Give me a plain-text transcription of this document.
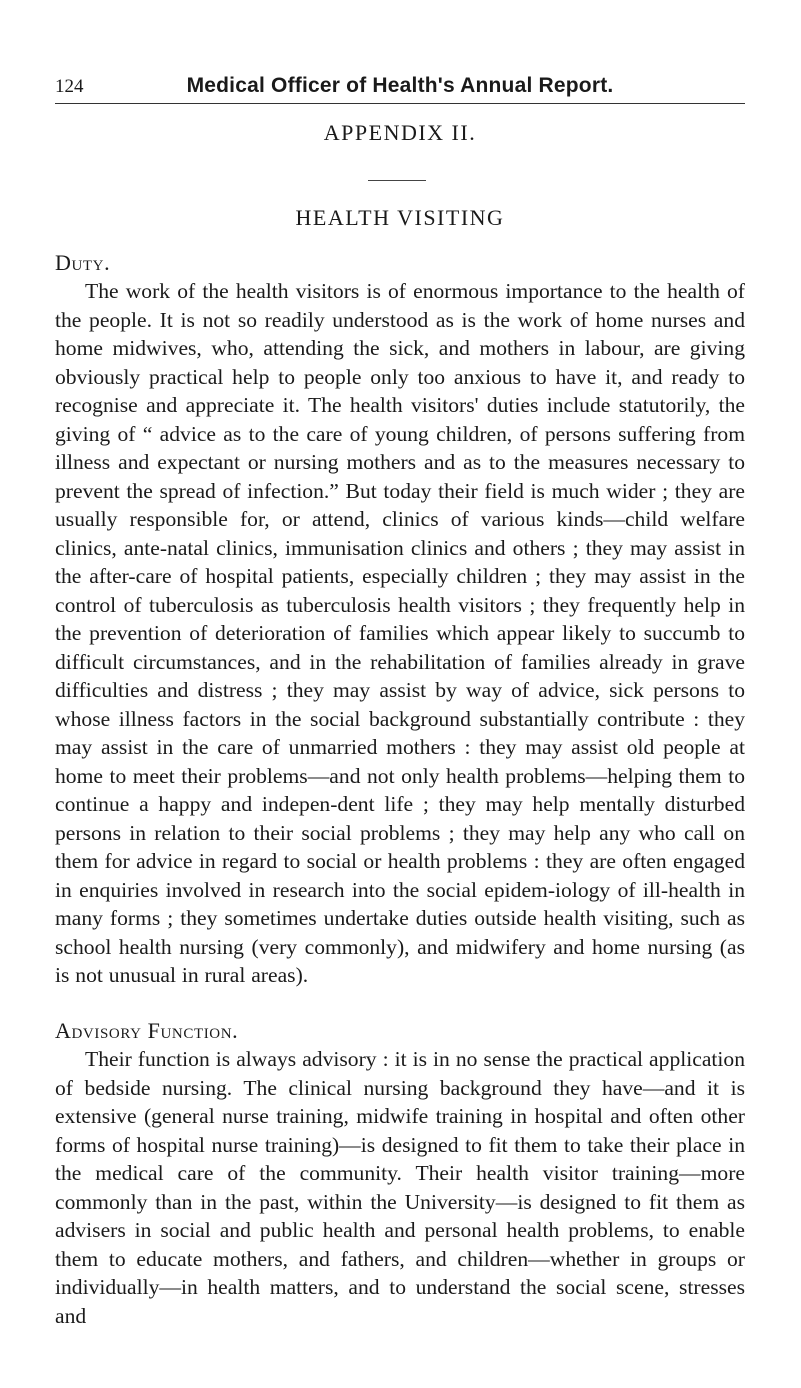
124	Medical Officer of Health's Annual Report.
APPENDIX II.
HEALTH VISITING
Duty.

The work of the health visitors is of enormous importance to the health of the people. It is not so readily understood as is the work of home nurses and home midwives, who, attending the sick, and mothers in labour, are giving obviously practical help to people only too anxious to have it, and ready to recognise and appreciate it. The health visitors' duties include statutorily, the giving of “ advice as to the care of young children, of persons suffering from illness and expectant or nursing mothers and as to the measures necessary to prevent the spread of infection.” But today their field is much wider ; they are usually responsible for, or attend, clinics of various kinds—child welfare clinics, ante-natal clinics, immunisation clinics and others ; they may assist in the after-care of hospital patients, especially children ; they may assist in the control of tuberculosis as tuberculosis health visitors ; they frequently help in the prevention of deterioration of families which appear likely to succumb to difficult circumstances, and in the rehabilitation of families already in grave difficulties and distress ; they may assist by way of advice, sick persons to whose illness factors in the social background substantially contribute : they may assist in the care of unmarried mothers : they may assist old people at home to meet their problems—and not only health problems—helping them to continue a happy and indepen-dent life ; they may help mentally disturbed persons in relation to their social problems ; they may help any who call on them for advice in regard to social or health problems : they are often engaged in enquiries involved in research into the social epidem-iology of ill-health in many forms ; they sometimes undertake duties outside health visiting, such as school health nursing (very commonly), and midwifery and home nursing (as is not unusual in rural areas).

Advisory Function.

Their function is always advisory : it is in no sense the practical application of bedside nursing. The clinical nursing background they have—and it is extensive (general nurse training, midwife training in hospital and often other forms of hospital nurse training)—is designed to fit them to take their place in the medical care of the community. Their health visitor training—more commonly than in the past, within the University—is designed to fit them as advisers in social and public health and personal health problems, to enable them to educate mothers, and fathers, and children—whether in groups or individually—in health matters, and to understand the social scene, stresses and
